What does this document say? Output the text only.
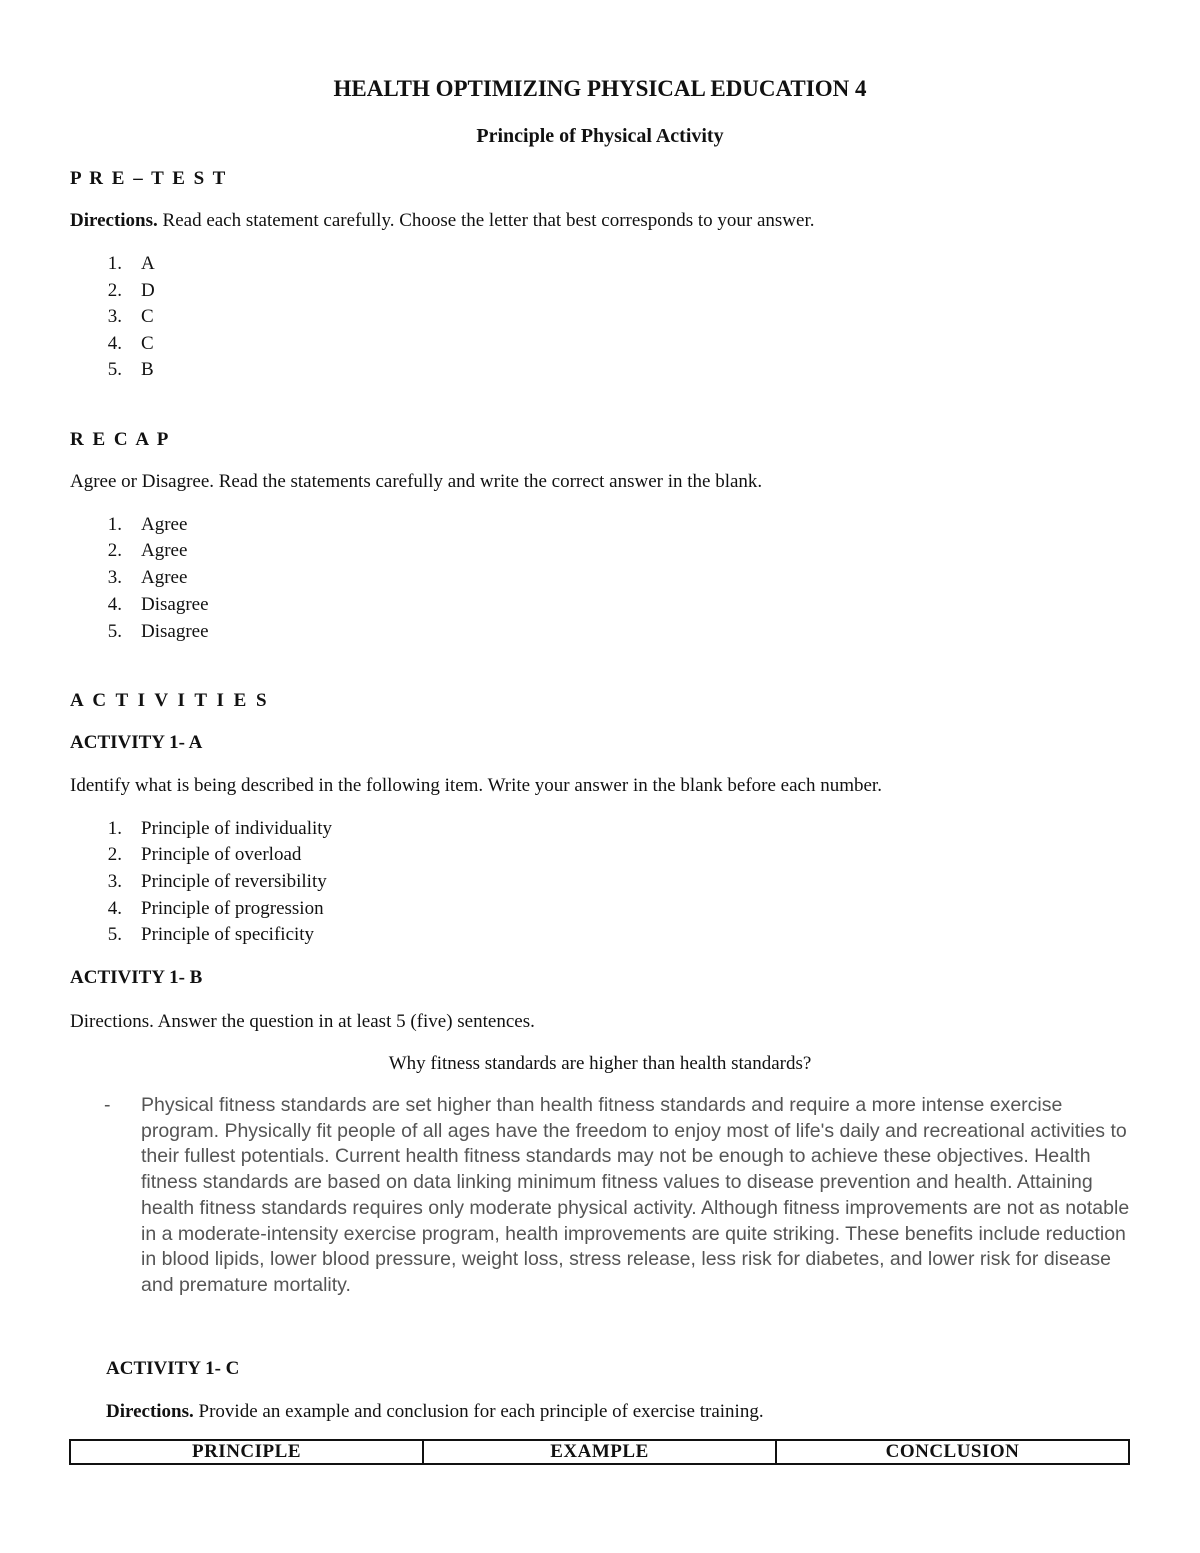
HEALTH OPTIMIZING PHYSICAL EDUCATION 4
Principle of Physical Activity
P R E – T E S T
Directions. Read each statement carefully. Choose the letter that best corresponds to your answer.
1. A
2. D
3. C
4. C
5. B
R E C A P
Agree or Disagree. Read the statements carefully and write the correct answer in the blank.
1. Agree
2. Agree
3. Agree
4. Disagree
5. Disagree
A C T I V I T I E S
ACTIVITY 1- A
Identify what is being described in the following item. Write your answer in the blank before each number.
1. Principle of individuality
2. Principle of overload
3. Principle of reversibility
4. Principle of progression
5. Principle of specificity
ACTIVITY 1- B
Directions. Answer the question in at least 5 (five) sentences.
Why fitness standards are higher than health standards?
- Physical fitness standards are set higher than health fitness standards and require a more intense exercise program. Physically fit people of all ages have the freedom to enjoy most of life's daily and recreational activities to their fullest potentials. Current health fitness standards may not be enough to achieve these objectives. Health fitness standards are based on data linking minimum fitness values to disease prevention and health. Attaining health fitness standards requires only moderate physical activity. Although fitness improvements are not as notable in a moderate-intensity exercise program, health improvements are quite striking. These benefits include reduction in blood lipids, lower blood pressure, weight loss, stress release, less risk for diabetes, and lower risk for disease and premature mortality.
ACTIVITY 1- C
Directions. Provide an example and conclusion for each principle of exercise training.
PRINCIPLE	EXAMPLE	CONCLUSION
